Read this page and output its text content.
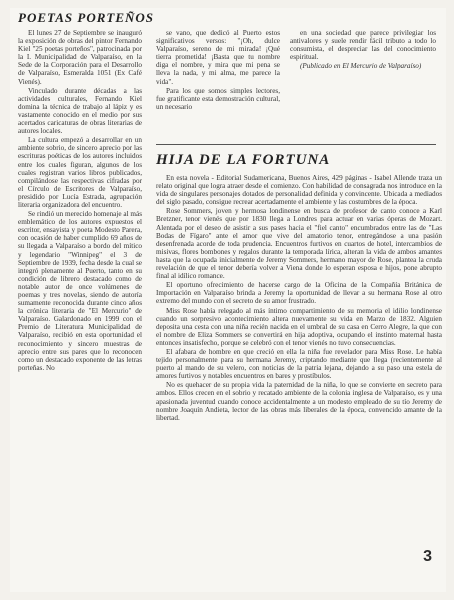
POETAS PORTEÑOS

El lunes 27 de Septiembre se inauguró la exposición de obras del pintor Fernando Kiel "25 poetas porteños", patrocinada por la I. Municipalidad de Valparaíso, en la Sede de la Corporación para el Desarrollo de Valparaíso, Esmeralda 1051 (Ex Café Vienés).

Vinculado durante décadas a las actividades culturales, Fernando Kiel domina la técnica de trabajo al lápiz y es vastamente conocido en el medio por sus acertados caricaturas de obras literarias de autores locales.

La cultura empezó a desarrollar en un ambiente sobrio, de sincero aprecio por las escrituras poéticas de los autores incluidos entre los cuales figuran, algunos de los cuales registran varios libros publicados, compilándose las respectivas cifradas por el Círculo de Escritores de Valparaíso, presidido por Lucía Estrada, agrupación literaria organizadora del encuentro.

Se rindió un merecido homenaje al más emblemático de los autores expuestos el escritor, ensayista y poeta Modesto Parera, con ocasión de haber cumplido 69 años de su llegada a Valparaíso a bordo del mítico y legendario "Winnipeg" el 3 de Septiembre de 1939, fecha desde la cual se integró plenamente al Puerto, tanto en su condición de librero destacado como de notable autor de once volúmenes de poemas y tres novelas, siendo de autoría sumamente reconocida durante cinco años la crónica literaria de "El Mercurio" de Valparaíso. Galardonado en 1999 con el Premio de Literatura Municipalidad de Valparaíso, recibió en esta oportunidad el reconocimiento y sincero muestras de aprecio entre sus pares que lo reconocen como un destacado exponente de las letras porteñas. No

se vano, que dedicó al Puerto estos significativos versos: "¡Oh, dulce Valparaíso, sereno de mi mirada! ¡Qué tierra prometida! ¡Basta que tu nombre diga el nombre, y mira que mi pena se lleva la nada, y mi alma, me parece la vida".

Para los que somos simples lectores, fue gratificante esta demostración cultural, un necesario

en una sociedad que parece privilegiar los antivalores y suele rendir fácil tributo a todo lo consumista, el despreciar las del conocimiento espiritual.

(Publicado en El Mercurio de Valparaíso)

HIJA DE LA FORTUNA

En esta novela - Editorial Sudamericana, Buenos Aires, 429 páginas - Isabel Allende traza un relato original que logra atraer desde el comienzo. Con habilidad de consagrada nos introduce en la vida de singulares personajes dotados de personalidad definida y convincente. Ubicada a mediados del siglo pasado, consigue recrear acertadamente el ambiente y las costumbres de la época.

Rose Sommers, joven y hermosa londinense en busca de profesor de canto conoce a Karl Bretzner, tenor vienés que por 1830 llega a Londres para actuar en varias óperas de Mozart. Alentada por el deseo de asistir a sus pases hacia el "fiel canto" encumbrados entre las de "Las Bodas de Fígaro" ante el amor que vive del amatorio tenor, entregándose a una pasión desenfrenada acorde de toda prudencia. Encuentros furtivos en cuartos de hotel, intercambios de misivas, flores bombones y regalos durante la temporada lírica, alteran la vida de ambos amantes hasta que la ocupada inicialmente de Jeremy Sommers, hermano mayor de Rose, plantea la cruda revelación de que el tenor debería volver a Viena donde lo esperan esposa e hijos, pone abrupto final al idílico romance.

El oportuno ofrecimiento de hacerse cargo de la Oficina de la Compañía Británica de Importación en Valparaíso brinda a Jeremy la oportunidad de llevar a su hermana Rose al otro extremo del mundo con el secreto de su amor frustrado.

Miss Rose había relegado al más íntimo compartimiento de su memoria el idilio londinense cuando un sorpresivo acontecimiento altera nuevamente su vida en Marzo de 1832. Alguien deposita una cesta con una niña recién nacida en el umbral de su casa en Cerro Alegre, la que con el nombre de Eliza Sommers se convertirá en hija adoptiva, ocupando el instinto maternal hasta entonces insatisfecho, porque se celebró con el tenor vienés no tuvo consecuencias.

El afabara de hombre en que creció en ella la niña fue revelador para Miss Rose. Le había tejido personalmente para su hermana Jeremy, criptando mediante que llega (recientemente al puerto al mando de su velero, con noticias de la patria lejana, dejando a su paso una estela de amores furtivos y notables encuentros en bares y prostíbulos.

No es quehacer de su propia vida la paternidad de la niña, lo que se convierte en secreto para ambos. Ellos crecen en el sobrio y recatado ambiente de la colonia inglesa de Valparaíso, es y una apasionada juventud cuando conoce accidentalmente a un modesto empleado de su tío Jeremy de nombre Joaquín Andieta, lector de las obras más liberales de la época, convencido amante de la libertad.

3
